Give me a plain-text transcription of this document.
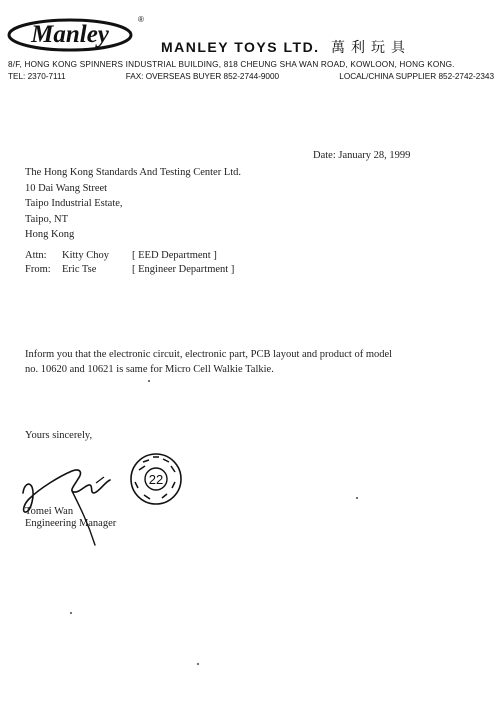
Manley
®
MANLEY TOYS LTD. 萬利玩具
8/F, HONG KONG SPINNERS INDUSTRIAL BUILDING, 818 CHEUNG SHA WAN ROAD, KOWLOON, HONG KONG.
TEL: 2370-7111	FAX: OVERSEAS BUYER 852-2744-9000	LOCAL/CHINA SUPPLIER 852-2742-2343
Date: January 28, 1999
The Hong Kong Standards And Testing Center Ltd.
10 Dai Wang Street
Taipo Industrial Estate,
Taipo, NT
Hong Kong
Attn:	Kitty Choy	[ EED Department ]
From:	Eric Tse	[ Engineer Department ]
Inform you that the electronic circuit, electronic part, PCB layout and product of model
no. 10620 and 10621 is same for Micro Cell Walkie Talkie.
Yours sincerely,
22
Tomei Wan
Engineering Manager
